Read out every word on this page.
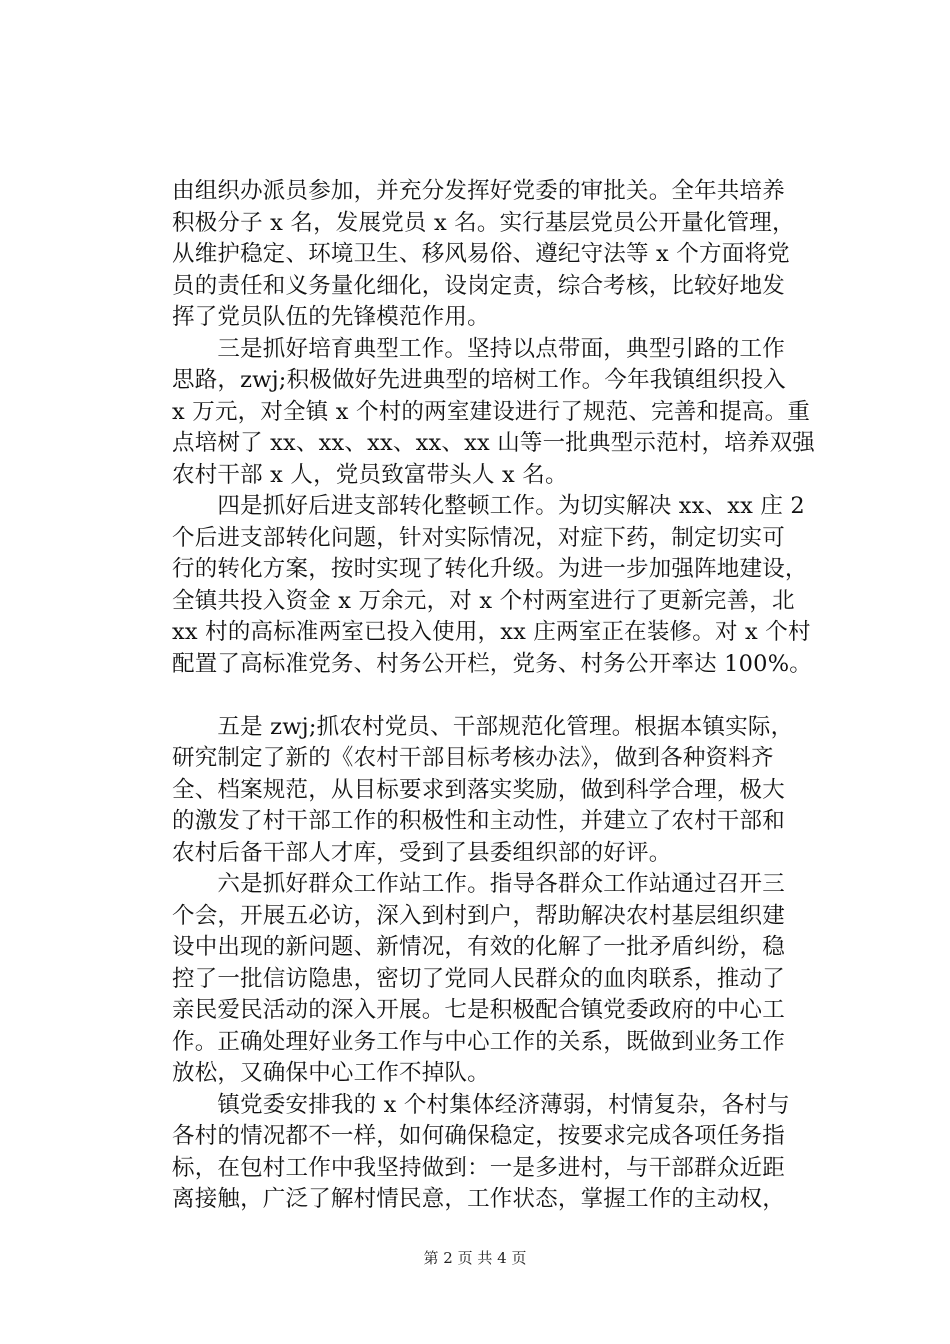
由组织办派员参加，并充分发挥好党委的审批关。全年共培养
积极分子 x 名，发展党员 x 名。实行基层党员公开量化管理，
从维护稳定、环境卫生、移风易俗、遵纪守法等 x 个方面将党
员的责任和义务量化细化，设岗定责，综合考核，比较好地发
挥了党员队伍的先锋模范作用。
　　三是抓好培育典型工作。坚持以点带面，典型引路的工作
思路，zwj;积极做好先进典型的培树工作。今年我镇组织投入
x 万元，对全镇 x 个村的两室建设进行了规范、完善和提高。重
点培树了 xx、xx、xx、xx、xx 山等一批典型示范村，培养双强
农村干部 x 人，党员致富带头人 x 名。
　　四是抓好后进支部转化整顿工作。为切实解决 xx、xx 庄 2
个后进支部转化问题，针对实际情况，对症下药，制定切实可
行的转化方案，按时实现了转化升级。为进一步加强阵地建设，
全镇共投入资金 x 万余元，对 x 个村两室进行了更新完善，北
xx 村的高标准两室已投入使用，xx 庄两室正在装修。对 x 个村
配置了高标准党务、村务公开栏，党务、村务公开率达 100%。
　　五是 zwj;抓农村党员、干部规范化管理。根据本镇实际，
研究制定了新的《农村干部目标考核办法》，做到各种资料齐
全、档案规范，从目标要求到落实奖励，做到科学合理，极大
的激发了村干部工作的积极性和主动性，并建立了农村干部和
农村后备干部人才库，受到了县委组织部的好评。
　　六是抓好群众工作站工作。指导各群众工作站通过召开三
个会，开展五必访，深入到村到户，帮助解决农村基层组织建
设中出现的新问题、新情况，有效的化解了一批矛盾纠纷，稳
控了一批信访隐患，密切了党同人民群众的血肉联系，推动了
亲民爱民活动的深入开展。七是积极配合镇党委政府的中心工
作。正确处理好业务工作与中心工作的关系，既做到业务工作
放松，又确保中心工作不掉队。
　　镇党委安排我的 x 个村集体经济薄弱，村情复杂，各村与
各村的情况都不一样，如何确保稳定，按要求完成各项任务指
标，在包村工作中我坚持做到：一是多进村，与干部群众近距
离接触，广泛了解村情民意，工作状态，掌握工作的主动权，
第 2 页 共 4 页
